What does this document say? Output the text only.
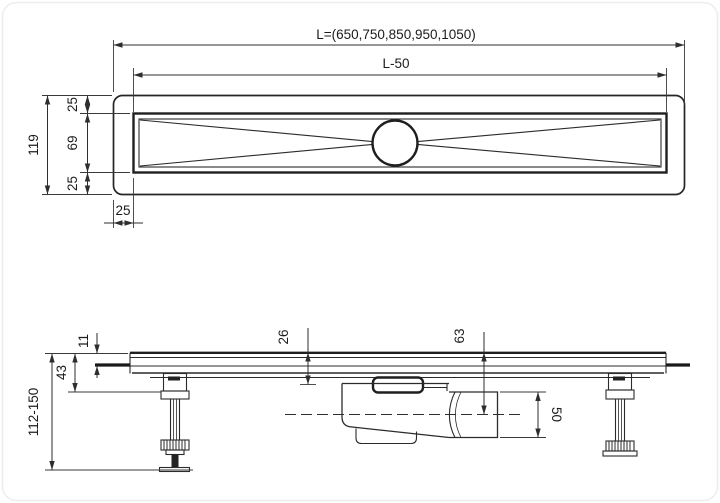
L=(650,750,850,950,1050)
L-50
119
25
69
25
25
11
43
112-150
26	63
50
